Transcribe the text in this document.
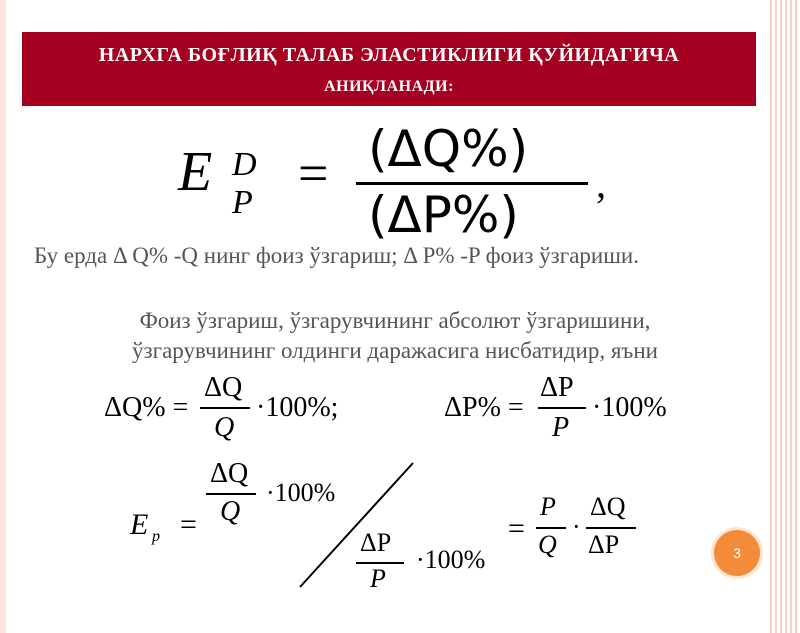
НАРХГА БОҒЛИҚ ТАЛАБ ЭЛАСТИКЛИГИ ҚУЙИДАГИЧА
АНИҚЛАНАДИ:
E D
P = (ΔQ%)
(ΔP%)
,
Бу ерда Δ Q% -Q нинг фоиз ўзгариш; Δ P% -P фоиз ўзгариши.
Фоиз ўзгариш, ўзгарувчининг абсолют ўзгаришини,
ўзгарувчининг олдинги даражасига нисбатидир, яъни
ΔQ% =
ΔQ
Q
·100%;	ΔP% =
ΔP
P
·100%
E p =
ΔQ
Q
·100%
ΔP
P
·100%
=
P
Q
·
ΔQ
ΔP	3
